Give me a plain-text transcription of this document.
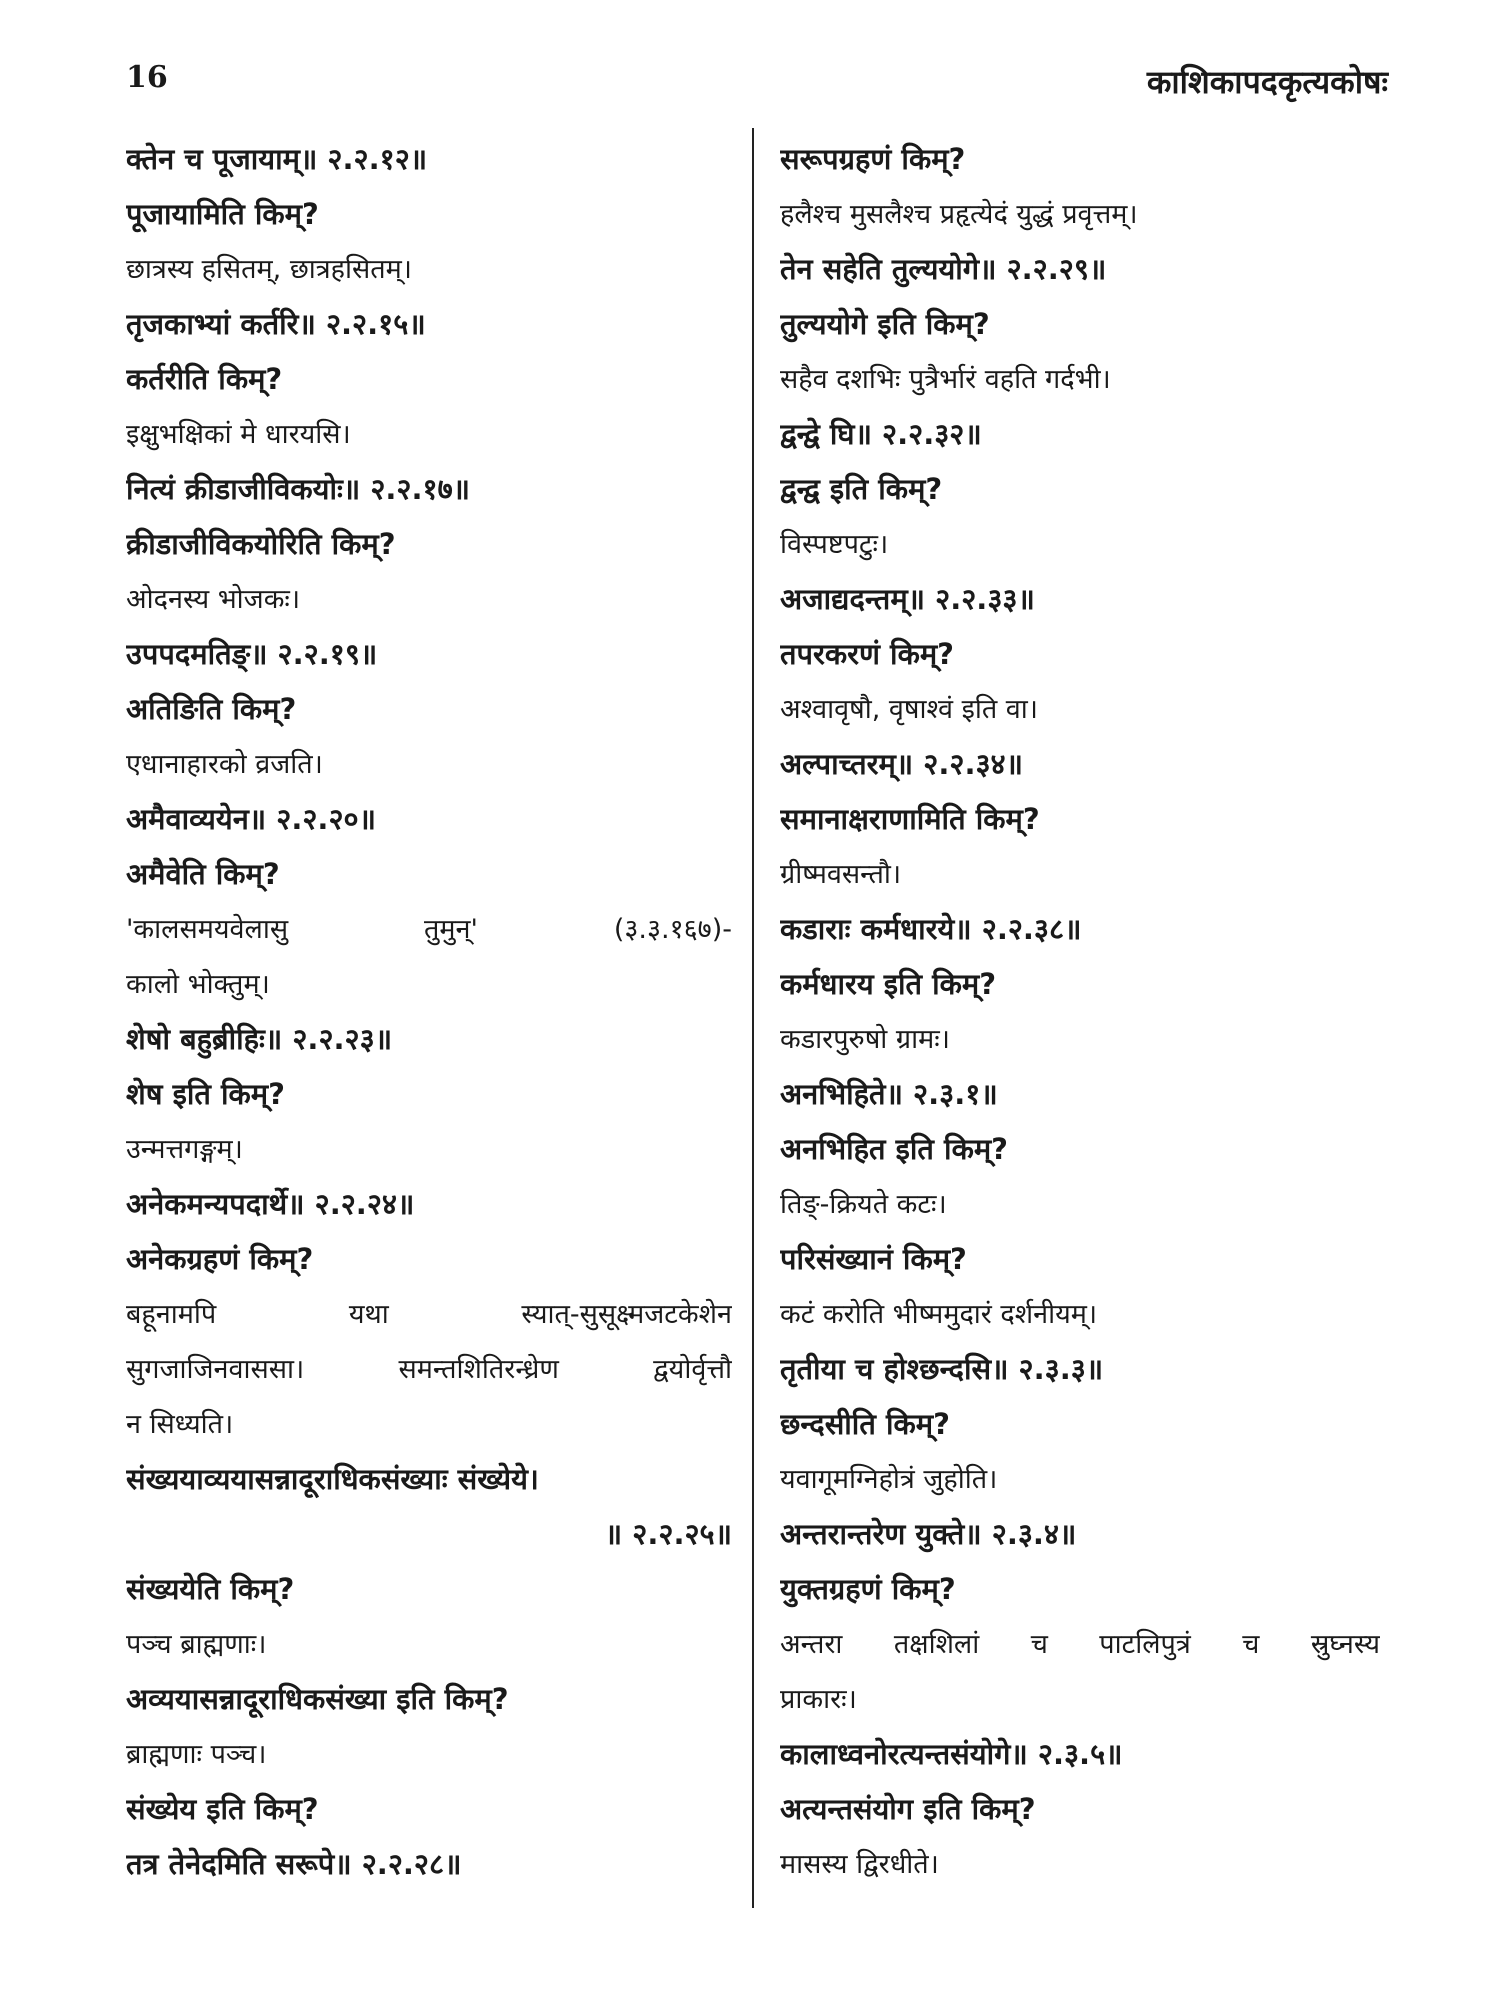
16	काशिकापदकृत्यकोषः
क्तेन च पूजायाम्॥ २.२.१२॥
पूजायामिति किम्?
छात्रस्य हसितम्, छात्रहसितम्।
तृजकाभ्यां कर्तरि॥ २.२.१५॥
कर्तरीति किम्?
इक्षुभक्षिकां मे धारयसि।
नित्यं क्रीडाजीविकयोः॥ २.२.१७॥
क्रीडाजीविकयोरिति किम्?
ओदनस्य भोजकः।
उपपदमतिङ्॥ २.२.१९॥
अतिङिति किम्?
एधानाहारको व्रजति।
अमैवाव्ययेन॥ २.२.२०॥
अमैवेति किम्?
'कालसमयवेलासु	तुमुन्'	(३.३.१६७)-
कालो भोक्तुम्।
शेषो बहुब्रीहिः॥ २.२.२३॥
शेष इति किम्?
उन्मत्तगङ्गम्।
अनेकमन्यपदार्थे॥ २.२.२४॥
अनेकग्रहणं किम्?
बहूनामपि	यथा	स्यात्-सुसूक्ष्मजटकेशेन
सुगजाजिनवाससा।	समन्तशितिरन्ध्रेण	द्वयोर्वृत्तौ
न सिध्यति।
संख्ययाव्ययासन्नादूराधिकसंख्याः संख्येये।
॥ २.२.२५॥
संख्ययेति किम्?
पञ्च ब्राह्मणाः।
अव्ययासन्नादूराधिकसंख्या इति किम्?
ब्राह्मणाः पञ्च।
संख्येय इति किम्?
तत्र तेनेदमिति सरूपे॥ २.२.२८॥
सरूपग्रहणं किम्?
हलैश्च मुसलैश्च प्रहृत्येदं युद्धं प्रवृत्तम्।
तेन सहेति तुल्ययोगे॥ २.२.२९॥
तुल्ययोगे इति किम्?
सहैव दशभिः पुत्रैर्भारं वहति गर्दभी।
द्वन्द्वे घि॥ २.२.३२॥
द्वन्द्व इति किम्?
विस्पष्टपटुः।
अजाद्यदन्तम्॥ २.२.३३॥
तपरकरणं किम्?
अश्वावृषौ, वृषाश्वं इति वा।
अल्पाच्तरम्॥ २.२.३४॥
समानाक्षराणामिति किम्?
ग्रीष्मवसन्तौ।
कडाराः कर्मधारये॥ २.२.३८॥
कर्मधारय इति किम्?
कडारपुरुषो ग्रामः।
अनभिहिते॥ २.३.१॥
अनभिहित इति किम्?
तिङ्-क्रियते कटः।
परिसंख्यानं किम्?
कटं करोति भीष्ममुदारं दर्शनीयम्।
तृतीया च होश्छन्दसि॥ २.३.३॥
छन्दसीति किम्?
यवागूमग्निहोत्रं जुहोति।
अन्तरान्तरेण युक्ते॥ २.३.४॥
युक्तग्रहणं किम्?
अन्तरा तक्षशिलां च पाटलिपुत्रं च स्रुघ्नस्य
प्राकारः।
कालाध्वनोरत्यन्तसंयोगे॥ २.३.५॥
अत्यन्तसंयोग इति किम्?
मासस्य द्विरधीते।
